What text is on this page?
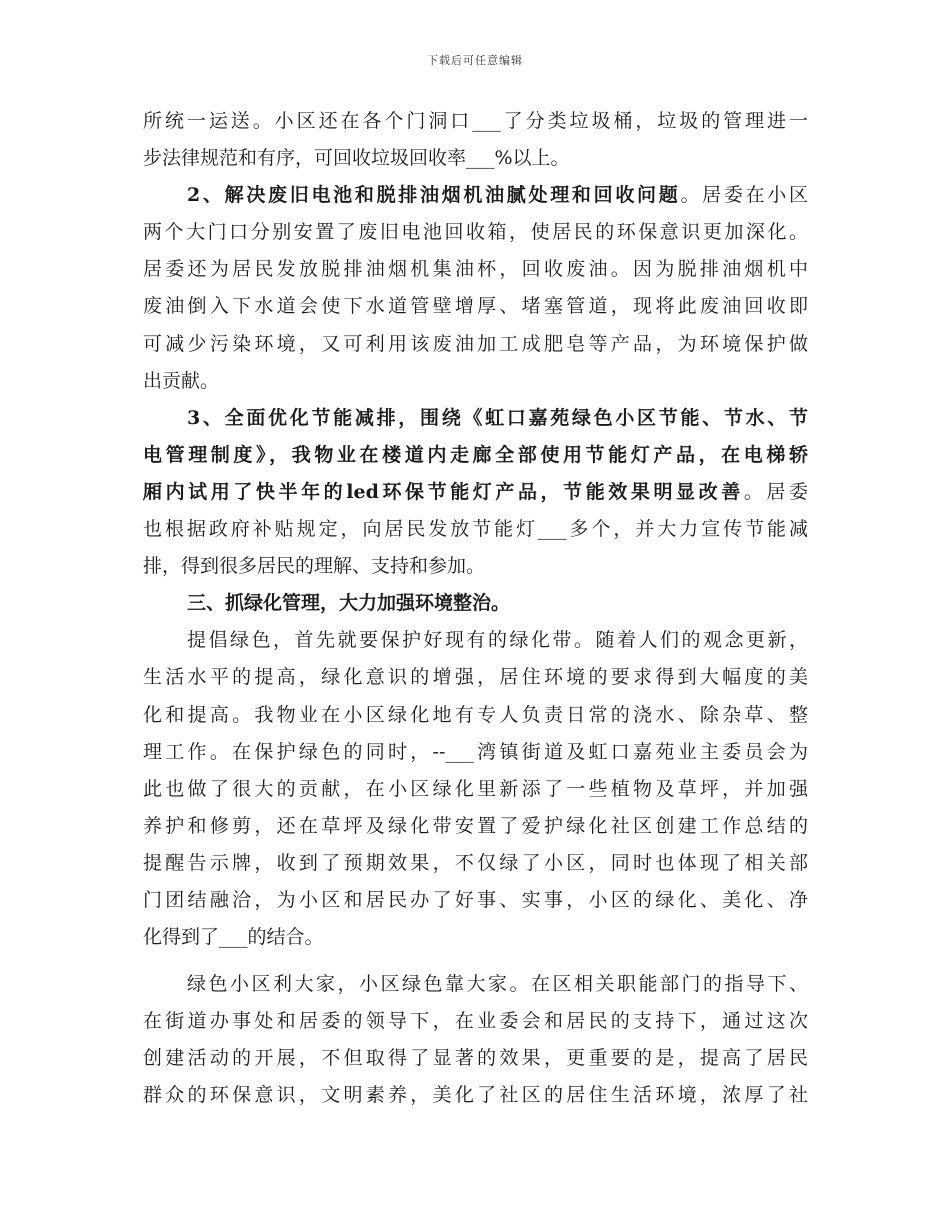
下载后可任意编辑
所统一运送。小区还在各个门洞口___了分类垃圾桶，垃圾的管理进一
步法律规范和有序，可回收垃圾回收率___%以上。
2、解决废旧电池和脱排油烟机油腻处理和回收问题。居委在小区
两个大门口分别安置了废旧电池回收箱，使居民的环保意识更加深化。
居委还为居民发放脱排油烟机集油杯，回收废油。因为脱排油烟机中
废油倒入下水道会使下水道管壁增厚、堵塞管道，现将此废油回收即
可减少污染环境，又可利用该废油加工成肥皂等产品，为环境保护做
出贡献。
3、全面优化节能减排，围绕《虹口嘉苑绿色小区节能、节水、节
电管理制度》，我物业在楼道内走廊全部使用节能灯产品，在电梯轿
厢内试用了快半年的led环保节能灯产品，节能效果明显改善。居委
也根据政府补贴规定，向居民发放节能灯___多个，并大力宣传节能减
排，得到很多居民的理解、支持和参加。
三、抓绿化管理，大力加强环境整治。
提倡绿色，首先就要保护好现有的绿化带。随着人们的观念更新，
生活水平的提高，绿化意识的增强，居住环境的要求得到大幅度的美
化和提高。我物业在小区绿化地有专人负责日常的浇水、除杂草、整
理工作。在保护绿色的同时，--___湾镇街道及虹口嘉苑业主委员会为
此也做了很大的贡献，在小区绿化里新添了一些植物及草坪，并加强
养护和修剪，还在草坪及绿化带安置了爱护绿化社区创建工作总结的
提醒告示牌，收到了预期效果，不仅绿了小区，同时也体现了相关部
门团结融洽，为小区和居民办了好事、实事，小区的绿化、美化、净
化得到了___的结合。
绿色小区利大家，小区绿色靠大家。在区相关职能部门的指导下、
在街道办事处和居委的领导下，在业委会和居民的支持下，通过这次
创建活动的开展，不但取得了显著的效果，更重要的是，提高了居民
群众的环保意识，文明素养，美化了社区的居住生活环境，浓厚了社
